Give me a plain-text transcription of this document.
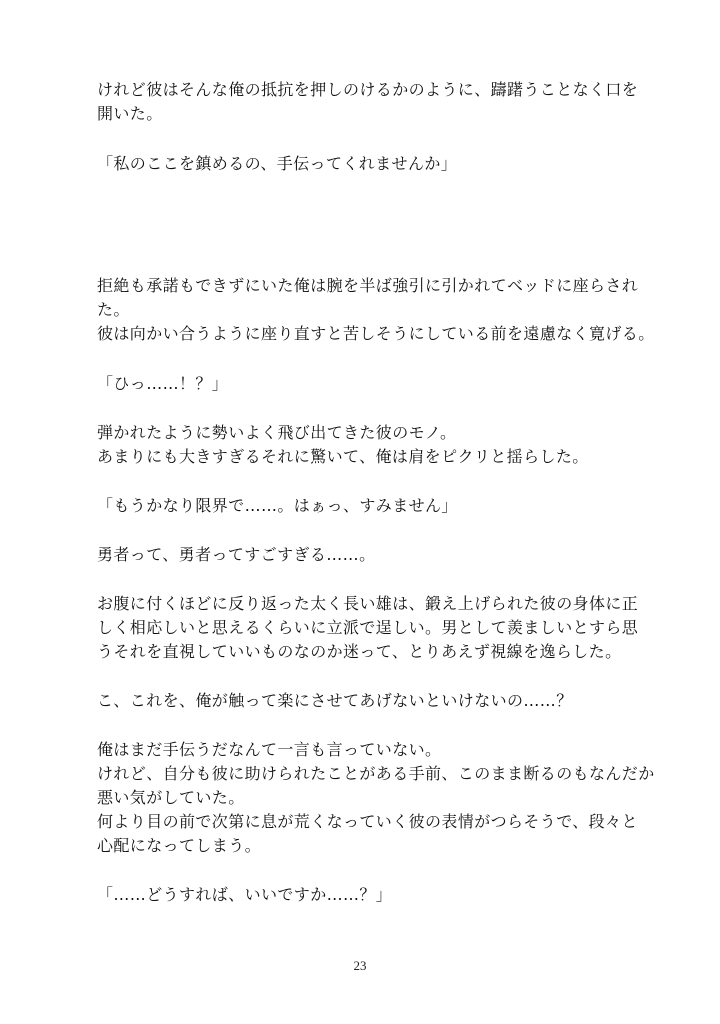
けれど彼はそんな俺の抵抗を押しのけるかのように、躊躇うことなく口を
開いた。
「私のここを鎮めるの、手伝ってくれませんか」
拒絶も承諾もできずにいた俺は腕を半ば強引に引かれてベッドに座らされ
た。
彼は向かい合うように座り直すと苦しそうにしている前を遠慮なく寛げる。
「ひっ……！？」
弾かれたように勢いよく飛び出てきた彼のモノ。
あまりにも大きすぎるそれに驚いて、俺は肩をピクリと揺らした。
「もうかなり限界で……。はぁっ、すみません」
勇者って、勇者ってすごすぎる……。
お腹に付くほどに反り返った太く長い雄は、鍛え上げられた彼の身体に正
しく相応しいと思えるくらいに立派で逞しい。男として羨ましいとすら思
うそれを直視していいものなのか迷って、とりあえず視線を逸らした。
こ、これを、俺が触って楽にさせてあげないといけないの……？
俺はまだ手伝うだなんて一言も言っていない。
けれど、自分も彼に助けられたことがある手前、このまま断るのもなんだか
悪い気がしていた。
何より目の前で次第に息が荒くなっていく彼の表情がつらそうで、段々と
心配になってしまう。
「……どうすれば、いいですか……？」
23
